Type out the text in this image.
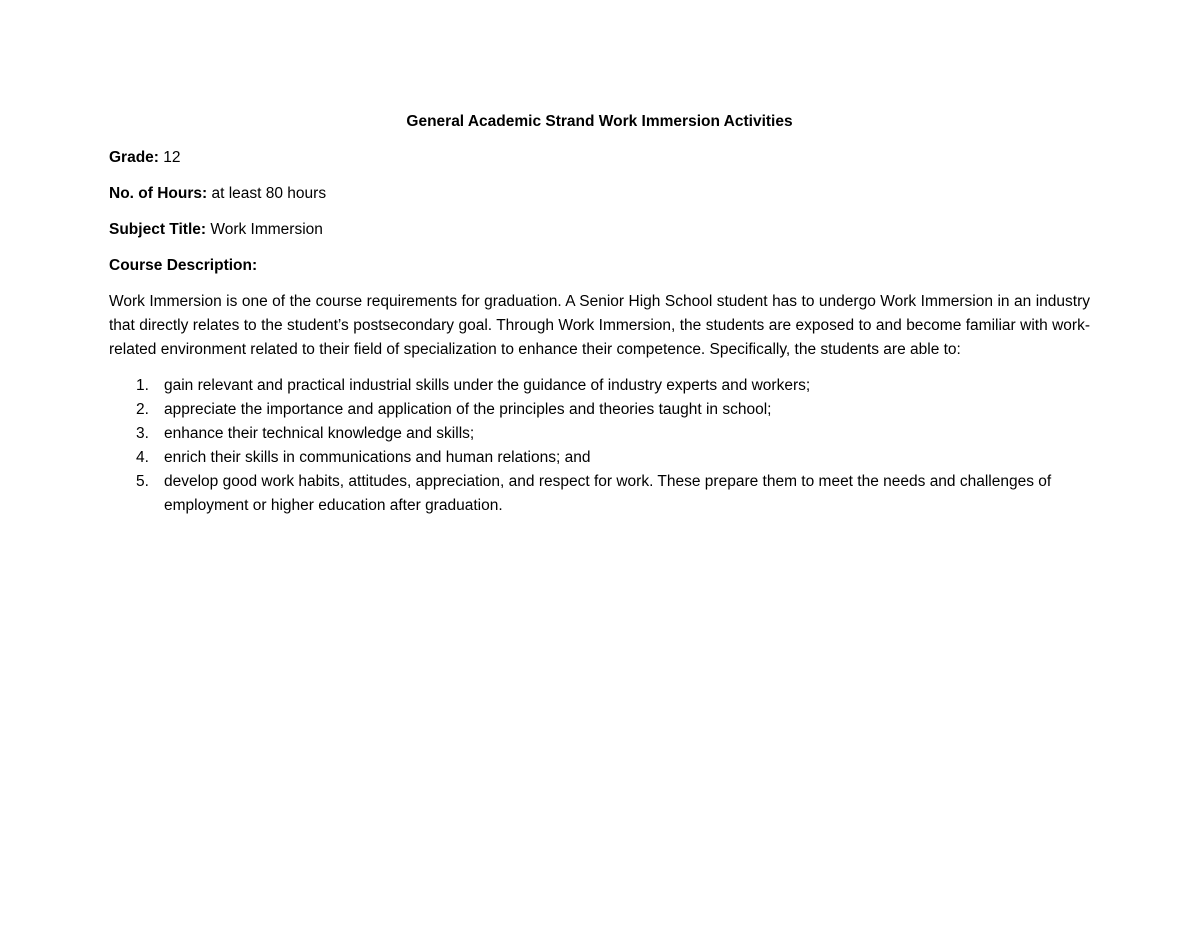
General Academic Strand Work Immersion Activities
Grade: 12
No. of Hours: at least 80 hours
Subject Title: Work Immersion
Course Description:
Work Immersion is one of the course requirements for graduation. A Senior High School student has to undergo Work Immersion in an industry that directly relates to the student’s postsecondary goal. Through Work Immersion, the students are exposed to and become familiar with work-related environment related to their field of specialization to enhance their competence. Specifically, the students are able to:
1. gain relevant and practical industrial skills under the guidance of industry experts and workers;
2. appreciate the importance and application of the principles and theories taught in school;
3. enhance their technical knowledge and skills;
4. enrich their skills in communications and human relations; and
5. develop good work habits, attitudes, appreciation, and respect for work. These prepare them to meet the needs and challenges of employment or higher education after graduation.
